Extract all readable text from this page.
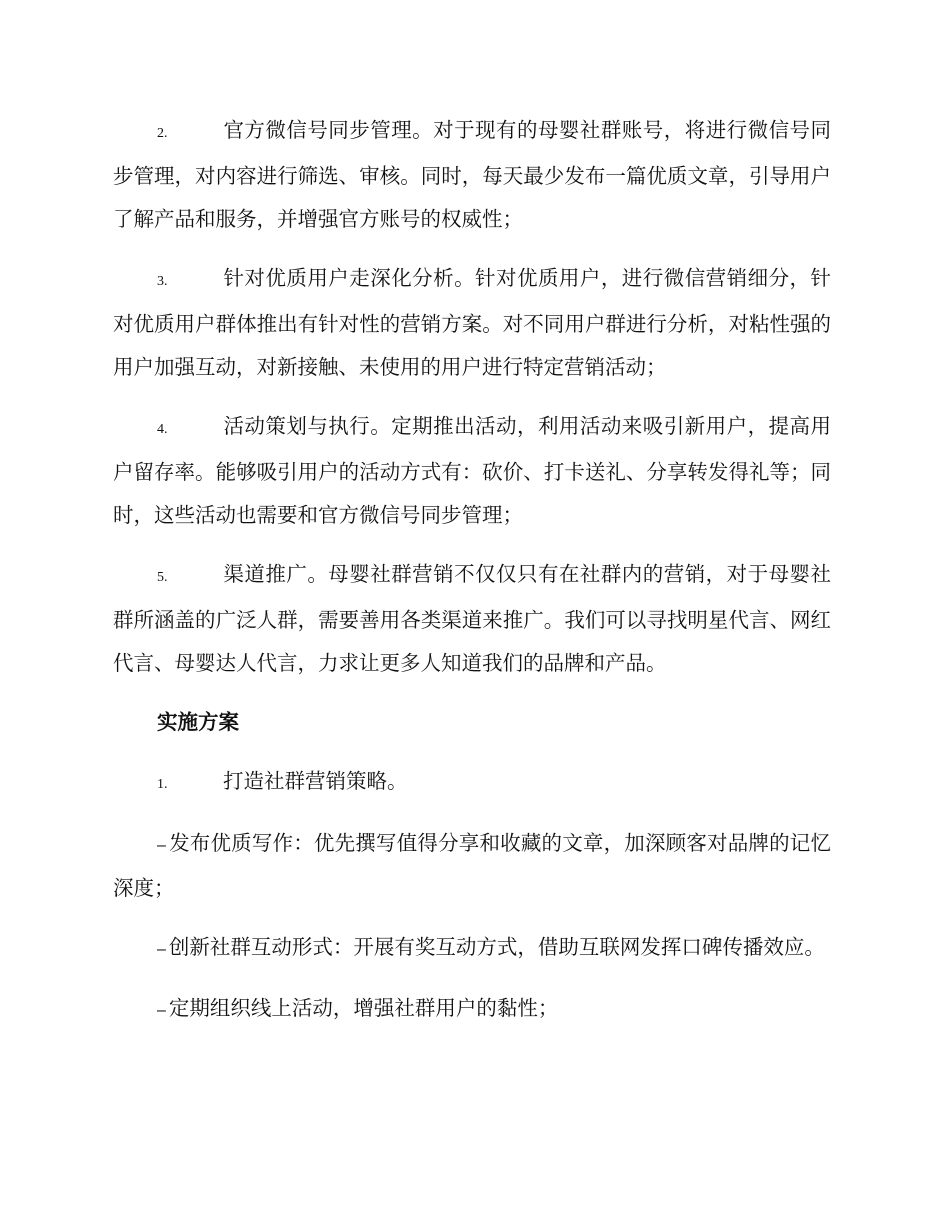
2.	官方微信号同步管理。对于现有的母婴社群账号，将进行微信号同步管理，对内容进行筛选、审核。同时，每天最少发布一篇优质文章，引导用户了解产品和服务，并增强官方账号的权威性；

3.	针对优质用户走深化分析。针对优质用户，进行微信营销细分，针对优质用户群体推出有针对性的营销方案。对不同用户群进行分析，对粘性强的用户加强互动，对新接触、未使用的用户进行特定营销活动；

4.	活动策划与执行。定期推出活动，利用活动来吸引新用户，提高用户留存率。能够吸引用户的活动方式有：砍价、打卡送礼、分享转发得礼等；同时，这些活动也需要和官方微信号同步管理；

5.	渠道推广。母婴社群营销不仅仅只有在社群内的营销，对于母婴社群所涵盖的广泛人群，需要善用各类渠道来推广。我们可以寻找明星代言、网红代言、母婴达人代言，力求让更多人知道我们的品牌和产品。

实施方案

1.	打造社群营销策略。

– 发布优质写作：优先撰写值得分享和收藏的文章，加深顾客对品牌的记忆深度；

– 创新社群互动形式：开展有奖互动方式，借助互联网发挥口碑传播效应。

– 定期组织线上活动，增强社群用户的黏性；
